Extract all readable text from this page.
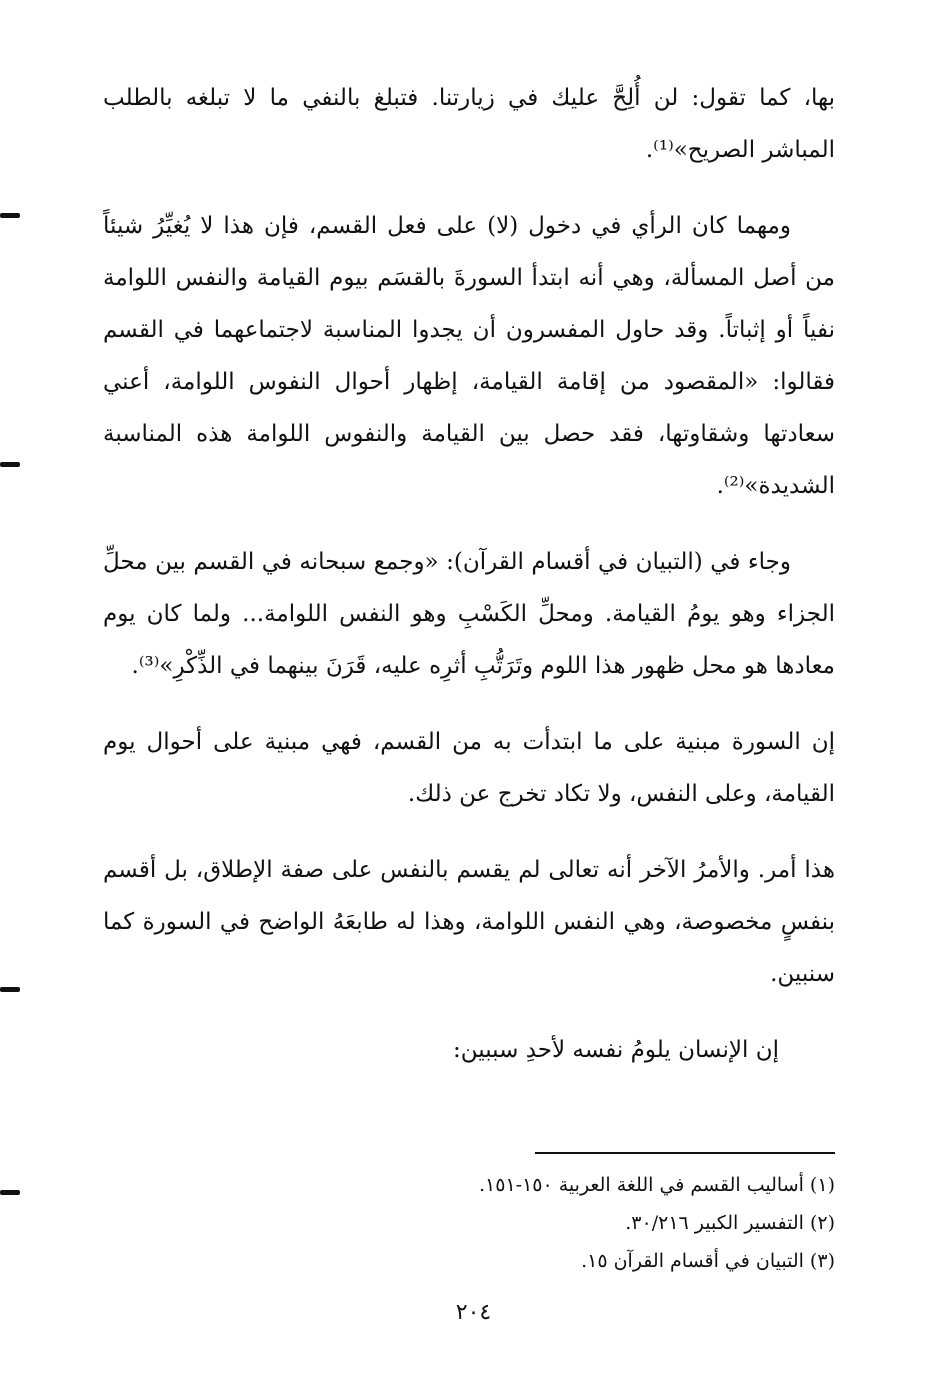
بها، كما تقول: لن أُلِحَّ عليك في زيارتنا. فتبلغ بالنفي ما لا تبلغه بالطلب المباشر الصريح»⁽¹⁾.

ومهما كان الرأي في دخول (لا) على فعل القسم، فإن هذا لا يُغيِّرُ شيئاً من أصل المسألة، وهي أنه ابتدأ السورةَ بالقسَم بيوم القيامة والنفس اللوامة نفياً أو إثباتاً. وقد حاول المفسرون أن يجدوا المناسبة لاجتماعهما في القسم فقالوا: «المقصود من إقامة القيامة، إظهار أحوال النفوس اللوامة، أعني سعادتها وشقاوتها، فقد حصل بين القيامة والنفوس اللوامة هذه المناسبة الشديدة»⁽²⁾.

وجاء في (التبيان في أقسام القرآن): «وجمع سبحانه في القسم بين محلِّ الجزاء وهو يومُ القيامة. ومحلِّ الكَسْبِ وهو النفس اللوامة... ولما كان يوم معادها هو محل ظهور هذا اللوم وتَرَتُّبِ أثرِه عليه، قَرَنَ بينهما في الذِّكْرِ»⁽³⁾.

إن السورة مبنية على ما ابتدأت به من القسم، فهي مبنية على أحوال يوم القيامة، وعلى النفس، ولا تكاد تخرج عن ذلك.

هذا أمر. والأمرُ الآخر أنه تعالى لم يقسم بالنفس على صفة الإطلاق، بل أقسم بنفسٍ مخصوصة، وهي النفس اللوامة، وهذا له طابعَهُ الواضح في السورة كما سنبين.

إن الإنسان يلومُ نفسه لأحدِ سببين:

(١) أساليب القسم في اللغة العربية ١٥٠-١٥١.

(٢) التفسير الكبير ٣٠/٢١٦.

(٣) التبيان في أقسام القرآن ١٥.

٢٠٤
